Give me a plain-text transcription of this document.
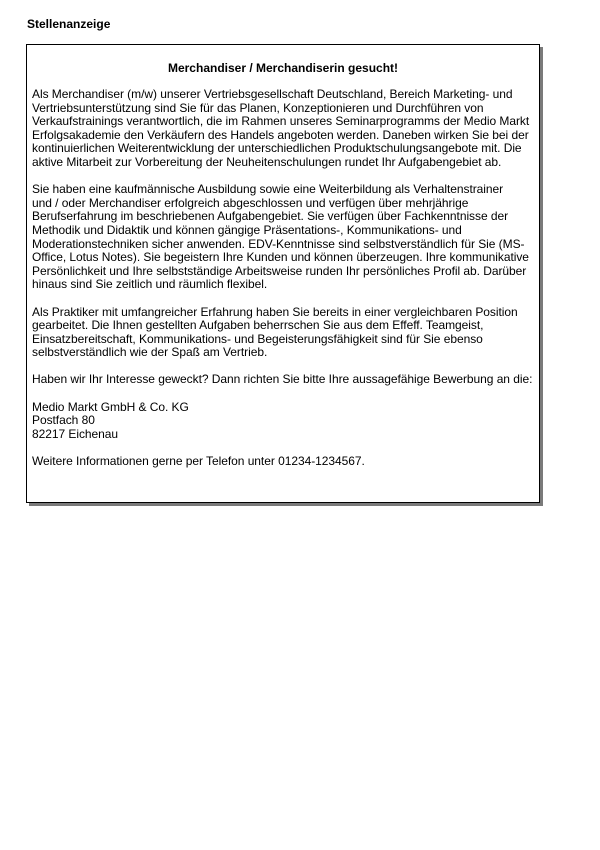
Stellenanzeige
Merchandiser / Merchandiserin gesucht!

Als Merchandiser (m/w) unserer Vertriebsgesellschaft Deutschland, Bereich Marketing- und
Vertriebsunterstützung sind Sie für das Planen, Konzeptionieren und Durchführen von
Verkaufstrainings verantwortlich, die im Rahmen unseres Seminarprogramms der Medio Markt
Erfolgsakademie den Verkäufern des Handels angeboten werden. Daneben wirken Sie bei der
kontinuierlichen Weiterentwicklung der unterschiedlichen Produktschulungsangebote mit. Die
aktive Mitarbeit zur Vorbereitung der Neuheitenschulungen rundet Ihr Aufgabengebiet ab.

Sie haben eine kaufmännische Ausbildung sowie eine Weiterbildung als Verhaltenstrainer
und / oder Merchandiser erfolgreich abgeschlossen und verfügen über mehrjährige
Berufserfahrung im beschriebenen Aufgabengebiet. Sie verfügen über Fachkenntnisse der
Methodik und Didaktik und können gängige Präsentations-, Kommunikations- und
Moderationstechniken sicher anwenden. EDV-Kenntnisse sind selbstverständlich für Sie (MS-
Office, Lotus Notes). Sie begeistern Ihre Kunden und können überzeugen. Ihre kommunikative
Persönlichkeit und Ihre selbstständige Arbeitsweise runden Ihr persönliches Profil ab. Darüber
hinaus sind Sie zeitlich und räumlich flexibel.

Als Praktiker mit umfangreicher Erfahrung haben Sie bereits in einer vergleichbaren Position
gearbeitet. Die Ihnen gestellten Aufgaben beherrschen Sie aus dem Effeff. Teamgeist,
Einsatzbereitschaft, Kommunikations- und Begeisterungsfähigkeit sind für Sie ebenso
selbstverständlich wie der Spaß am Vertrieb.

Haben wir Ihr Interesse geweckt? Dann richten Sie bitte Ihre aussagefähige Bewerbung an die:

Medio Markt GmbH & Co. KG
Postfach 80
82217 Eichenau

Weitere Informationen gerne per Telefon unter 01234-1234567.
